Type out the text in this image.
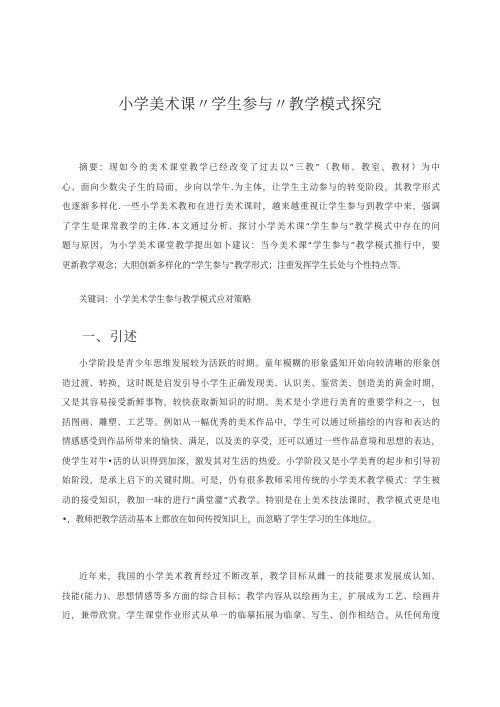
小学美术课〃学生参与〃教学模式探究
摘要：现如今的美术课堂教学已经改变了过去以“三教”（教师、教室、教材）为中
心、面向少数尖子生的局面，步向以学牛.为主体，让学生主动参与的转变阶段，其教学形式
也逐渐多样化.一些小学美术教和在进行美术课时，越来越重视让学生参与到教学中来，强调
了学生是课常教学的主体.本文通过分析、探讨小学美术课“学生参与”教学模式中存在的问
题与原因，为小学美术课堂教学提出如卜建议：当今美术课“学生参与”教学模式推行中，要
更新教学观念；大胆创新多样化的“学生参与”教学形式；注重发挥学生长处与个性特点等。
关键词：小学美术学生参与教学模式应对策略
一、引述
小学阶段是青少年思维发展较为活跃的时期。童年模糊的形象盛知开始向较清晰的形象创
造过渡、转换，这时既是启发引导小学生正确发现美、认识美、鉴赏美、创造美的黄金时期，
又是其容易接受新鲜事物，较快获取新知识的时期。美术是小学进行美育的重要学科之一，包
括图画、雕塑、工艺等。例如从一幅优秀的美术作品中，学生可以通过所描绘的内容和表达的
情感感受到作品所带来的愉快、满足，以及美的享受，还可以通过一些作品意境和思想的表达，
使学生对牛•活的认识得到加深，激发其对生活的热爱。小学阶段又是小学美育的起步和引导初
始阶段，是承上启下的关键时期。可是，仍有很多教师采用传统的小学美术教学模式：学生被
动的接受知识，教加一味的进行“满堂灌”式教学。特别是在上美术技法课时，教学模式更是电
•，教师把教学活动基本上都放在如何传授知识上，而忽略了学生学习的生体地位。
近年来，我国的小学美术教育经过不断改革，教学目标从雌一的技能要求发展成认知、
技能(能力)、思想情感等多方面的综合目标；教学内容从以绘画为主，扩展成为工艺、绘画并
近，兼带欣赏。学生课堂作业形式从单一的临摹拓展为临拿、写生、创作相结合。从任何角度
